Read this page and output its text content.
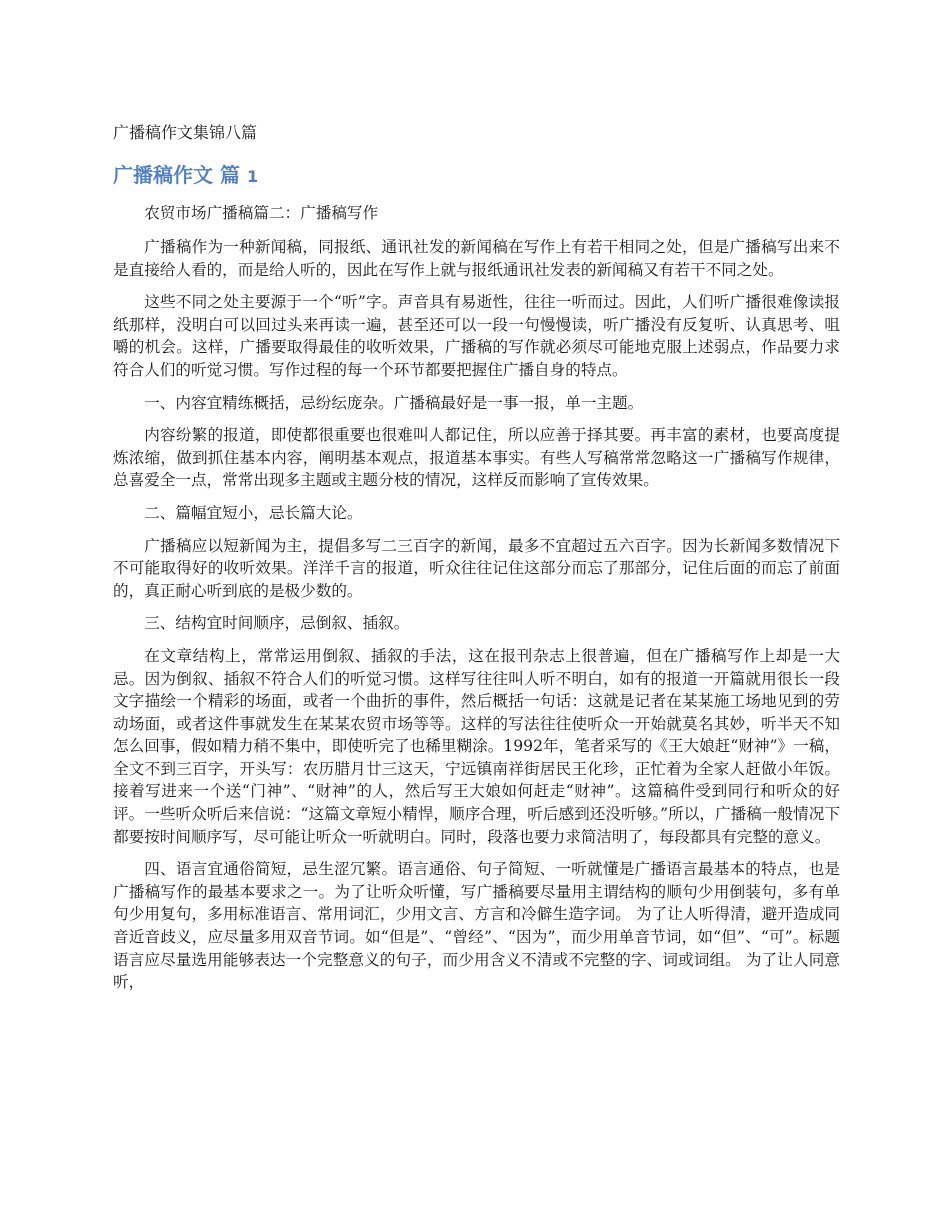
广播稿作文集锦八篇
广播稿作文 篇 1
农贸市场广播稿篇二：广播稿写作

广播稿作为一种新闻稿，同报纸、通讯社发的新闻稿在写作上有若干相同之处，但是广播稿写出来不是直接给人看的，而是给人听的，因此在写作上就与报纸通讯社发表的新闻稿又有若干不同之处。

这些不同之处主要源于一个“听”字。声音具有易逝性，往往一听而过。因此，人们听广播很难像读报纸那样，没明白可以回过头来再读一遍，甚至还可以一段一句慢慢读，听广播没有反复听、认真思考、咀嚼的机会。这样，广播要取得最佳的收听效果，广播稿的写作就必须尽可能地克服上述弱点，作品要力求符合人们的听觉习惯。写作过程的每一个环节都要把握住广播自身的特点。

一、内容宜精练概括，忌纷纭庞杂。广播稿最好是一事一报，单一主题。

内容纷繁的报道，即使都很重要也很难叫人都记住，所以应善于择其要。再丰富的素材，也要高度提炼浓缩，做到抓住基本内容，阐明基本观点，报道基本事实。有些人写稿常常忽略这一广播稿写作规律，总喜爱全一点，常常出现多主题或主题分枝的情况，这样反而影响了宣传效果。

二、篇幅宜短小，忌长篇大论。

广播稿应以短新闻为主，提倡多写二三百字的新闻，最多不宜超过五六百字。因为长新闻多数情况下不可能取得好的收听效果。洋洋千言的报道，听众往往记住这部分而忘了那部分，记住后面的而忘了前面的，真正耐心听到底的是极少数的。

三、结构宜时间顺序，忌倒叙、插叙。

在文章结构上，常常运用倒叙、插叙的手法，这在报刊杂志上很普遍，但在广播稿写作上却是一大忌。因为倒叙、插叙不符合人们的听觉习惯。这样写往往叫人听不明白，如有的报道一开篇就用很长一段文字描绘一个精彩的场面，或者一个曲折的事件，然后概括一句话：这就是记者在某某施工场地见到的劳动场面，或者这件事就发生在某某农贸市场等等。这样的写法往往使听众一开始就莫名其妙，听半天不知怎么回事，假如精力稍不集中，即使听完了也稀里糊涂。1992年，笔者采写的《王大娘赶“财神”》一稿，全文不到三百字，开头写：农历腊月廿三这天，宁远镇南祥街居民王化珍，正忙着为全家人赶做小年饭。接着写进来一个送“门神”、“财神”的人，然后写王大娘如何赶走“财神”。这篇稿件受到同行和听众的好评。一些听众听后来信说：“这篇文章短小精悍，顺序合理，听后感到还没听够。”所以，广播稿一般情况下都要按时间顺序写，尽可能让听众一听就明白。同时，段落也要力求简洁明了，每段都具有完整的意义。

四、语言宜通俗简短，忌生涩冗繁。语言通俗、句子简短、一听就懂是广播语言最基本的特点，也是广播稿写作的最基本要求之一。为了让听众听懂，写广播稿要尽量用主谓结构的顺句少用倒装句，多有单句少用复句，多用标准语言、常用词汇，少用文言、方言和冷僻生造字词。 为了让人听得清，避开造成同音近音歧义，应尽量多用双音节词。如“但是”、“曾经”、“因为”，而少用单音节词，如“但”、“可”。标题语言应尽量选用能够表达一个完整意义的句子，而少用含义不清或不完整的字、词或词组。 为了让人同意听，
